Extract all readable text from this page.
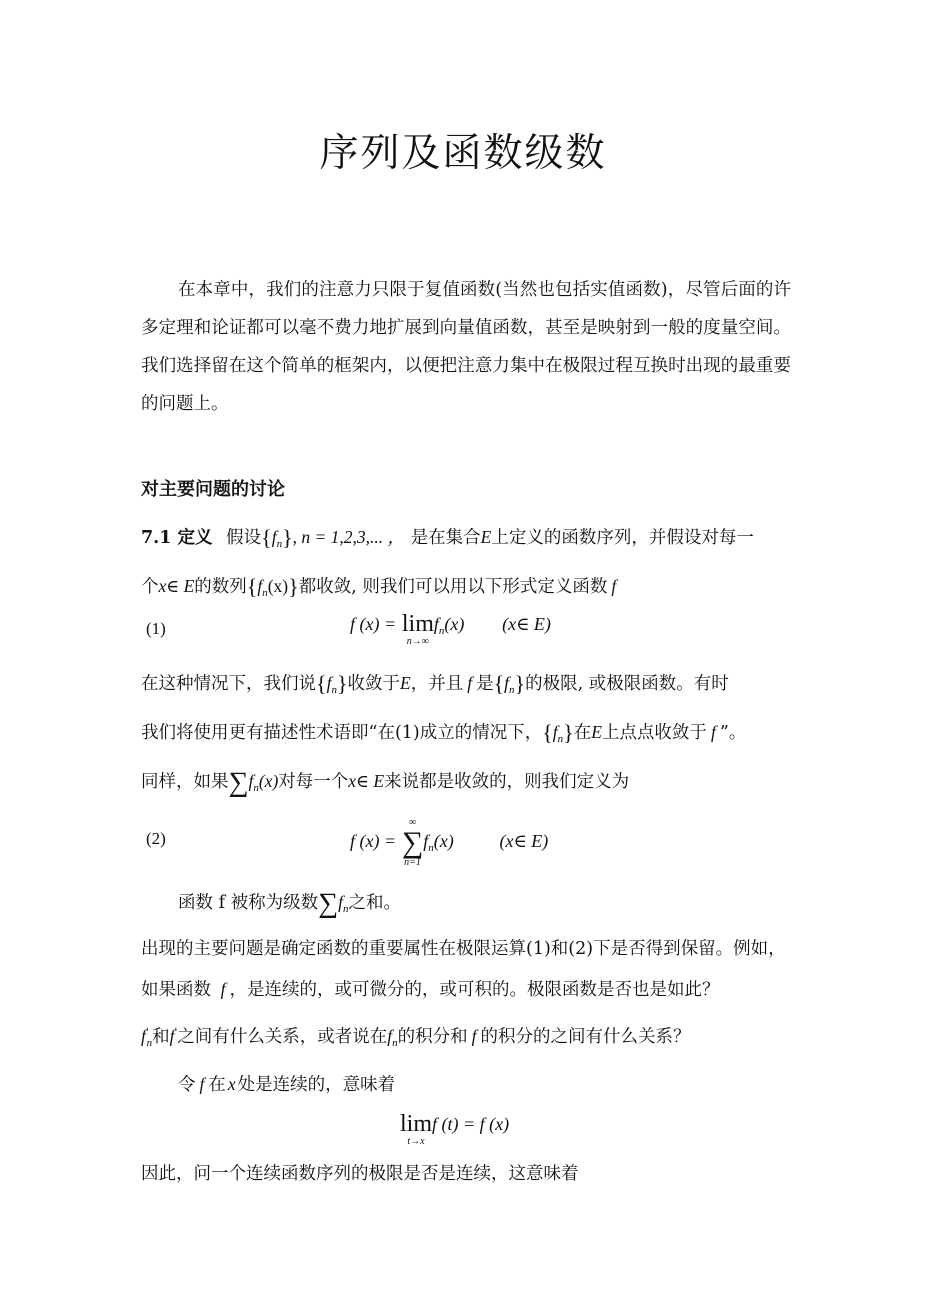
序列及函数级数
在本章中，我们的注意力只限于复值函数(当然也包括实值函数)，尽管后面的许多定理和论证都可以毫不费力地扩展到向量值函数，甚至是映射到一般的度量空间。我们选择留在这个简单的框架内，以便把注意力集中在极限过程互换时出现的最重要的问题上。
对主要问题的讨论
7.1 定义 假设$\{f_n\}$, n = 1,2,3,... ， 是在集合E上定义的函数序列，并假设对每一
个x∈ E的数列$\{f_n(x)\}$都收敛, 则我们可以用以下形式定义函数 f
(1)	f (x) = lim
n→∞
$f_n(x)$ (x∈ E)
在这种情况下，我们说$\{f_n\}$收敛于E，并且 f 是$\{f_n\}$的极限, 或极限函数。有时
我们将使用更有描述性术语即“在(1)成立的情况下，$\{f_n\}$在E上点点收敛于 f ”。
同样，如果$\sum f_n(x)$对每一个x∈ E来说都是收敛的，则我们定义为
(2)	f (x) =
∞
∑
n=1
$f_n(x)$	(x∈ E)
函数 f 被称为级数$\sum f_n$之和。
出现的主要问题是确定函数的重要属性在极限运算(1)和(2)下是否得到保留。例如，如果函数 f ，是连续的，或可微分的，或可积的。极限函数是否也是如此？
$f'_n$和f'之间有什么关系，或者说在$f_n$的积分和 f 的积分的之间有什么关系？
令 f 在 x 处是连续的，意味着
lim
t→x
f (t) = f (x)
因此，问一个连续函数序列的极限是否是连续，这意味着
